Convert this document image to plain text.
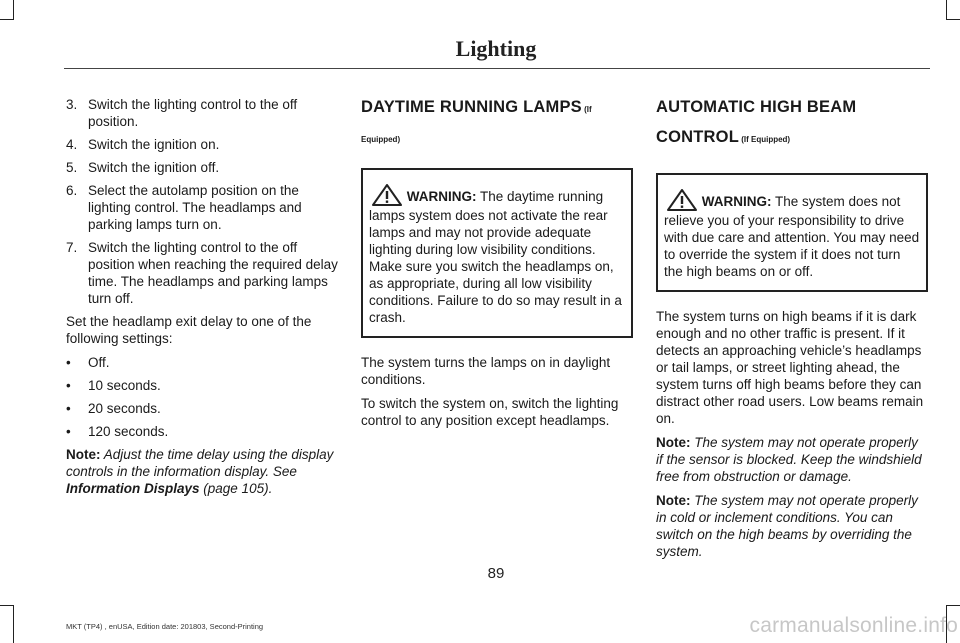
Lighting
3. Switch the lighting control to the off position.
4. Switch the ignition on.
5. Switch the ignition off.
6. Select the autolamp position on the lighting control. The headlamps and parking lamps turn on.
7. Switch the lighting control to the off position when reaching the required delay time. The headlamps and parking lamps turn off.

Set the headlamp exit delay to one of the following settings:

•	Off.
•	10 seconds.
•	20 seconds.
•	120 seconds.

Note: Adjust the time delay using the display controls in the information display. See Information Displays (page 105).

DAYTIME RUNNING LAMPS (If
Equipped)
WARNING: The daytime running lamps system does not activate the rear lamps and may not provide adequate lighting during low visibility conditions. Make sure you switch the headlamps on, as appropriate, during all low visibility conditions. Failure to do so may result in a crash.

The system turns the lamps on in daylight conditions.

To switch the system on, switch the lighting control to any position except headlamps.

AUTOMATIC HIGH BEAM
CONTROL (If Equipped)
WARNING: The system does not relieve you of your responsibility to drive with due care and attention. You may need to override the system if it does not turn the high beams on or off.

The system turns on high beams if it is dark enough and no other traffic is present. If it detects an approaching vehicle’s headlamps or tail lamps, or street lighting ahead, the system turns off high beams before they can distract other road users. Low beams remain on.

Note: The system may not operate properly if the sensor is blocked. Keep the windshield free from obstruction or damage.

Note: The system may not operate properly in cold or inclement conditions. You can switch on the high beams by overriding the system.

89
MKT (TP4) , enUSA, Edition date: 201803, Second-Printing	carmanualsonline.info
